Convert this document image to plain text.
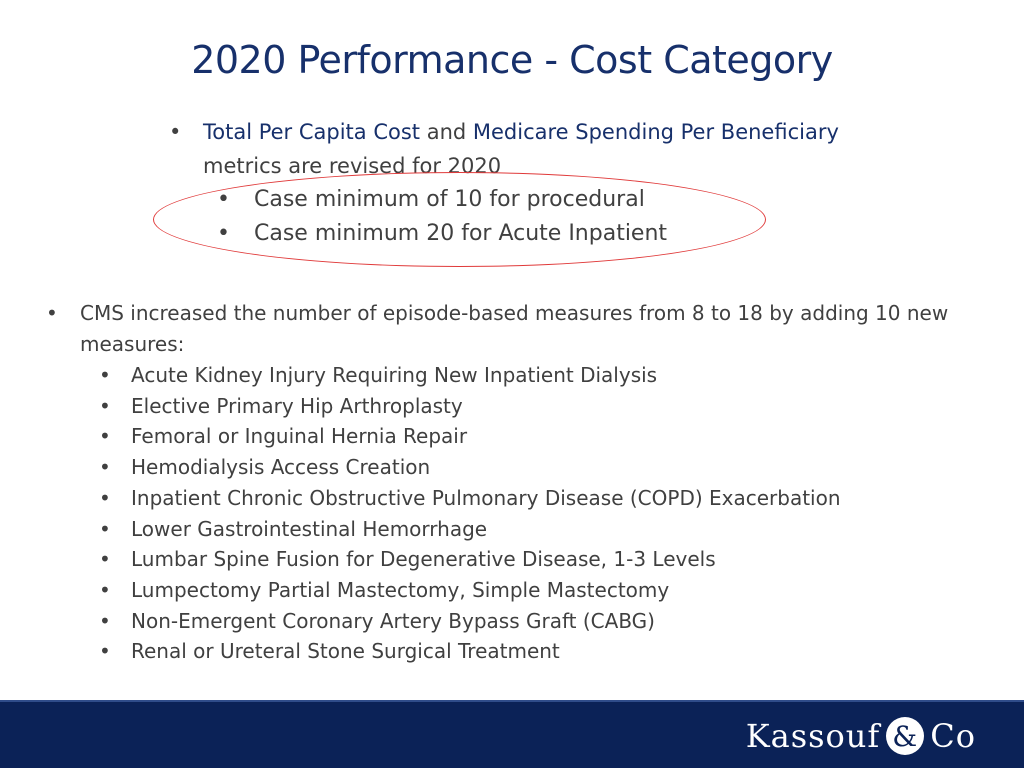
2020 Performance - Cost Category
• Total Per Capita Cost and Medicare Spending Per Beneficiary
metrics are revised for 2020
• Case minimum of 10 for procedural
• Case minimum 20 for Acute Inpatient
• CMS increased the number of episode-based measures from 8 to 18 by adding 10 new measures:
• Acute Kidney Injury Requiring New Inpatient Dialysis
• Elective Primary Hip Arthroplasty
• Femoral or Inguinal Hernia Repair
• Hemodialysis Access Creation
• Inpatient Chronic Obstructive Pulmonary Disease (COPD) Exacerbation
• Lower Gastrointestinal Hemorrhage
• Lumbar Spine Fusion for Degenerative Disease, 1-3 Levels
• Lumpectomy Partial Mastectomy, Simple Mastectomy
• Non-Emergent Coronary Artery Bypass Graft (CABG)
• Renal or Ureteral Stone Surgical Treatment
Kassouf & Co
